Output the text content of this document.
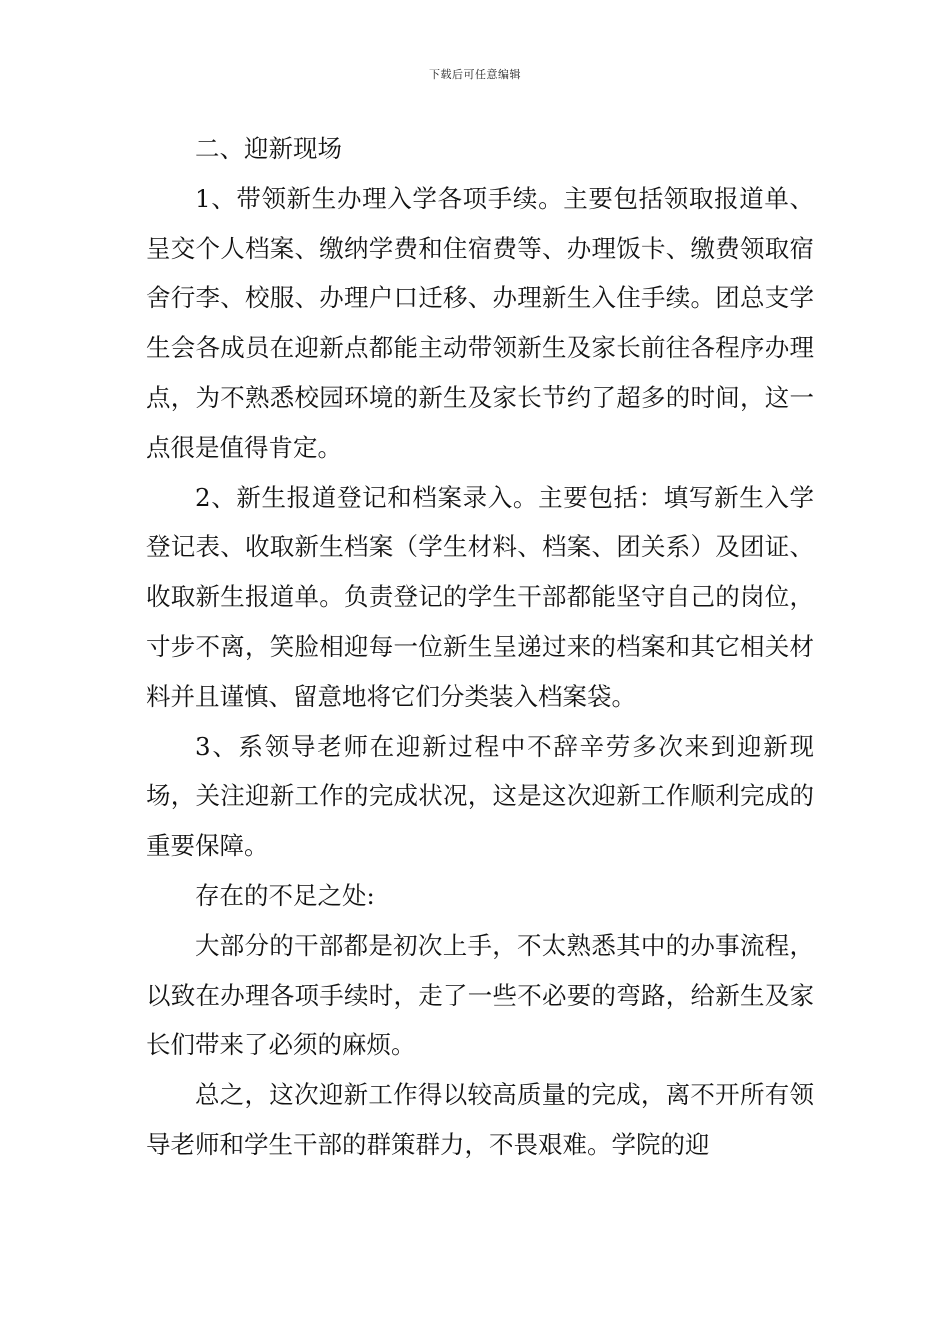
下载后可任意编辑

二、迎新现场

1、带领新生办理入学各项手续。主要包括领取报道单、呈交个人档案、缴纳学费和住宿费等、办理饭卡、缴费领取宿舍行李、校服、办理户口迁移、办理新生入住手续。团总支学生会各成员在迎新点都能主动带领新生及家长前往各程序办理点，为不熟悉校园环境的新生及家长节约了超多的时间，这一点很是值得肯定。

2、新生报道登记和档案录入。主要包括：填写新生入学登记表、收取新生档案（学生材料、档案、团关系）及团证、收取新生报道单。负责登记的学生干部都能坚守自己的岗位，寸步不离，笑脸相迎每一位新生呈递过来的档案和其它相关材料并且谨慎、留意地将它们分类装入档案袋。

3、系领导老师在迎新过程中不辞辛劳多次来到迎新现场，关注迎新工作的完成状况，这是这次迎新工作顺利完成的重要保障。

存在的不足之处:

大部分的干部都是初次上手，不太熟悉其中的办事流程，以致在办理各项手续时，走了一些不必要的弯路，给新生及家长们带来了必须的麻烦。

总之，这次迎新工作得以较高质量的完成，离不开所有领导老师和学生干部的群策群力，不畏艰难。学院的迎
